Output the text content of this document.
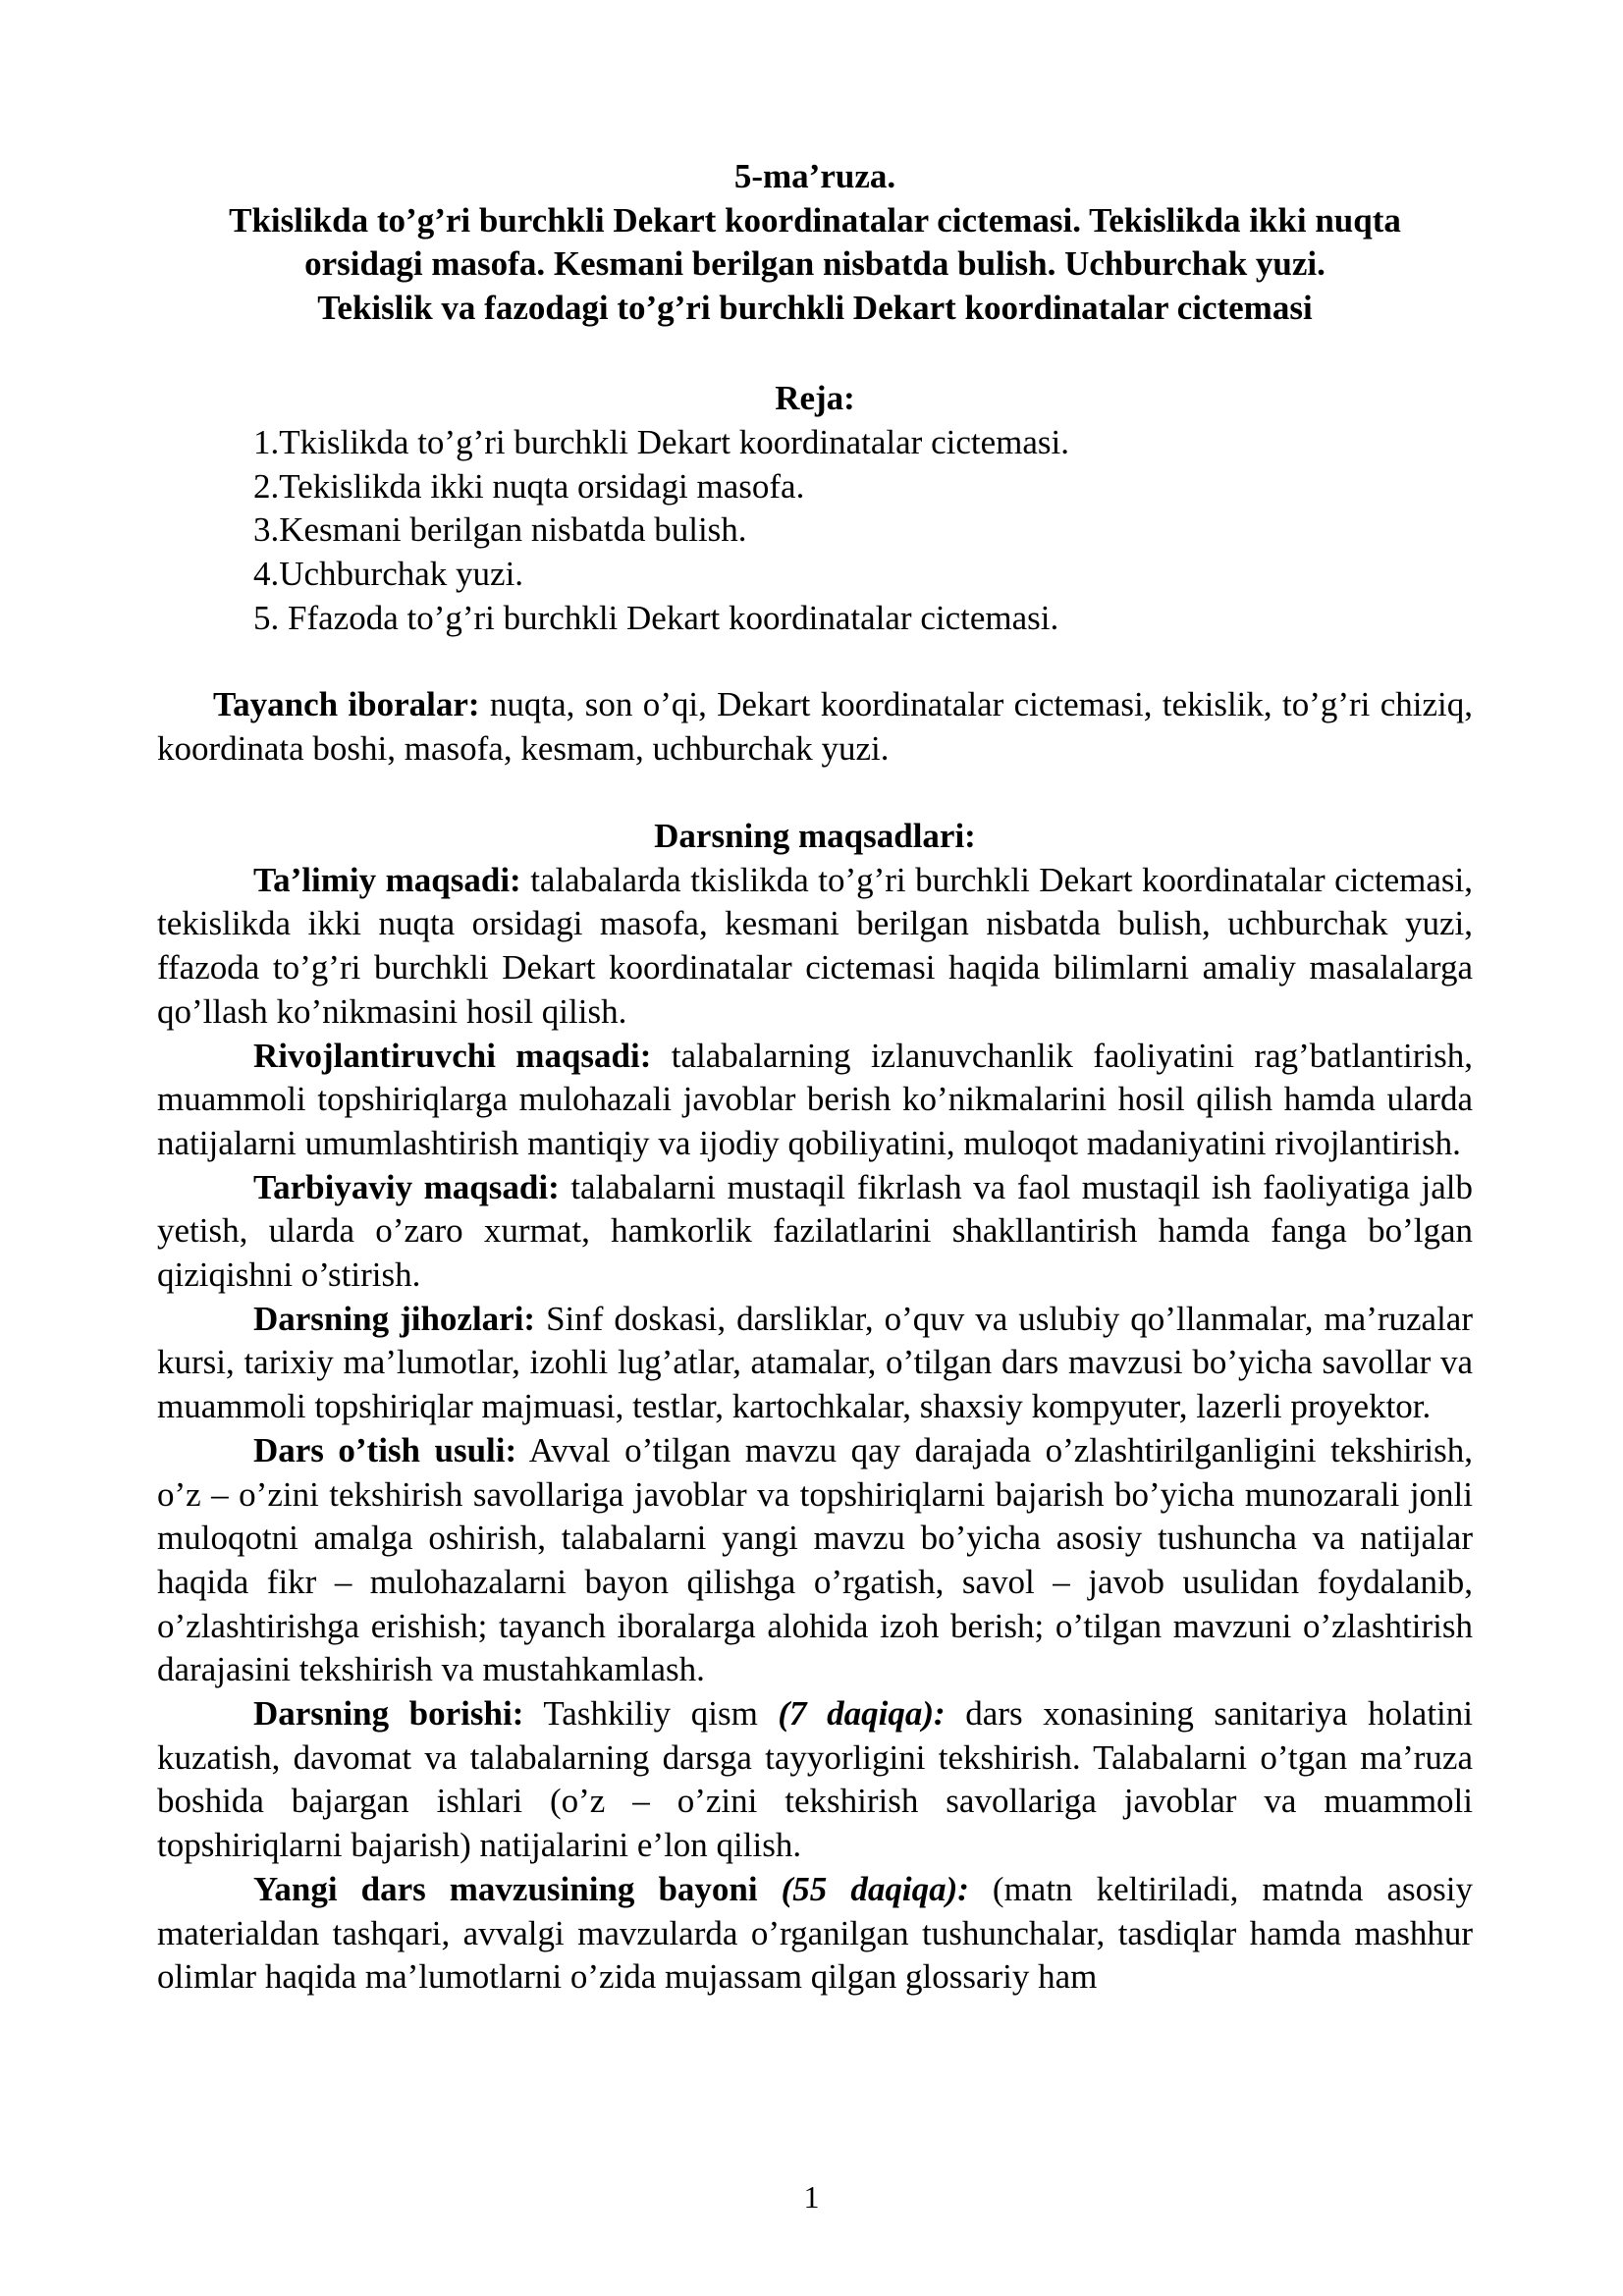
5-ma’ruza.
Tkislikda to’g’ri burchkli Dekart koordinatalar cictemasi. Tekislikda ikki nuqta
orsidagi masofa. Kesmani berilgan nisbatda bulish. Uchburchak yuzi.
Tekislik va fazodagi to’g’ri burchkli Dekart koordinatalar cictemasi
Reja:
1.Tkislikda to’g’ri burchkli Dekart koordinatalar cictemasi.
2.Tekislikda ikki nuqta orsidagi masofa.
3.Kesmani berilgan nisbatda bulish.
4.Uchburchak yuzi.
5. Ffazoda to’g’ri burchkli Dekart koordinatalar cictemasi.

Tayanch iboralar: nuqta, son o’qi, Dekart koordinatalar cictemasi, tekislik, to’g’ri chiziq, koordinata boshi, masofa, kesmam, uchburchak yuzi.

Darsning maqsadlari:

Ta’limiy maqsadi: talabalarda tkislikda to’g’ri burchkli Dekart koordinatalar cictemasi, tekislikda ikki nuqta orsidagi masofa, kesmani berilgan nisbatda bulish, uchburchak yuzi, ffazoda to’g’ri burchkli Dekart koordinatalar cictemasi haqida bilimlarni amaliy masalalarga qo’llash ko’nikmasini hosil qilish.

Rivojlantiruvchi maqsadi: talabalarning izlanuvchanlik faoliyatini rag’batlantirish, muammoli topshiriqlarga mulohazali javoblar berish ko’nikmalarini hosil qilish hamda ularda natijalarni umumlashtirish mantiqiy va ijodiy qobiliyatini, muloqot madaniyatini rivojlantirish.

Tarbiyaviy maqsadi: talabalarni mustaqil fikrlash va faol mustaqil ish faoliyatiga jalb yetish, ularda o’zaro xurmat, hamkorlik fazilatlarini shakllantirish hamda fanga bo’lgan qiziqishni o’stirish.

Darsning jihozlari: Sinf doskasi, darsliklar, o’quv va uslubiy qo’llanmalar, ma’ruzalar kursi, tarixiy ma’lumotlar, izohli lug’atlar, atamalar, o’tilgan dars mavzusi bo’yicha savollar va muammoli topshiriqlar majmuasi, testlar, kartochkalar, shaxsiy kompyuter, lazerli proyektor.

Dars o’tish usuli: Avval o’tilgan mavzu qay darajada o’zlashtirilganligini tekshirish, o’z – o’zini tekshirish savollariga javoblar va topshiriqlarni bajarish bo’yicha munozarali jonli muloqotni amalga oshirish, talabalarni yangi mavzu bo’yicha asosiy tushuncha va natijalar haqida fikr – mulohazalarni bayon qilishga o’rgatish, savol – javob usulidan foydalanib, o’zlashtirishga erishish; tayanch iboralarga alohida izoh berish; o’tilgan mavzuni o’zlashtirish darajasini tekshirish va mustahkamlash.

Darsning borishi: Tashkiliy qism (7 daqiqa): dars xonasining sanitariya holatini kuzatish, davomat va talabalarning darsga tayyorligini tekshirish. Talabalarni o’tgan ma’ruza boshida bajargan ishlari (o’z – o’zini tekshirish savollariga javoblar va muammoli topshiriqlarni bajarish) natijalarini e’lon qilish.

Yangi dars mavzusining bayoni (55 daqiqa): (matn keltiriladi, matnda asosiy materialdan tashqari, avvalgi mavzularda o’rganilgan tushunchalar, tasdiqlar hamda mashhur olimlar haqida ma’lumotlarni o’zida mujassam qilgan glossariy ham

1
